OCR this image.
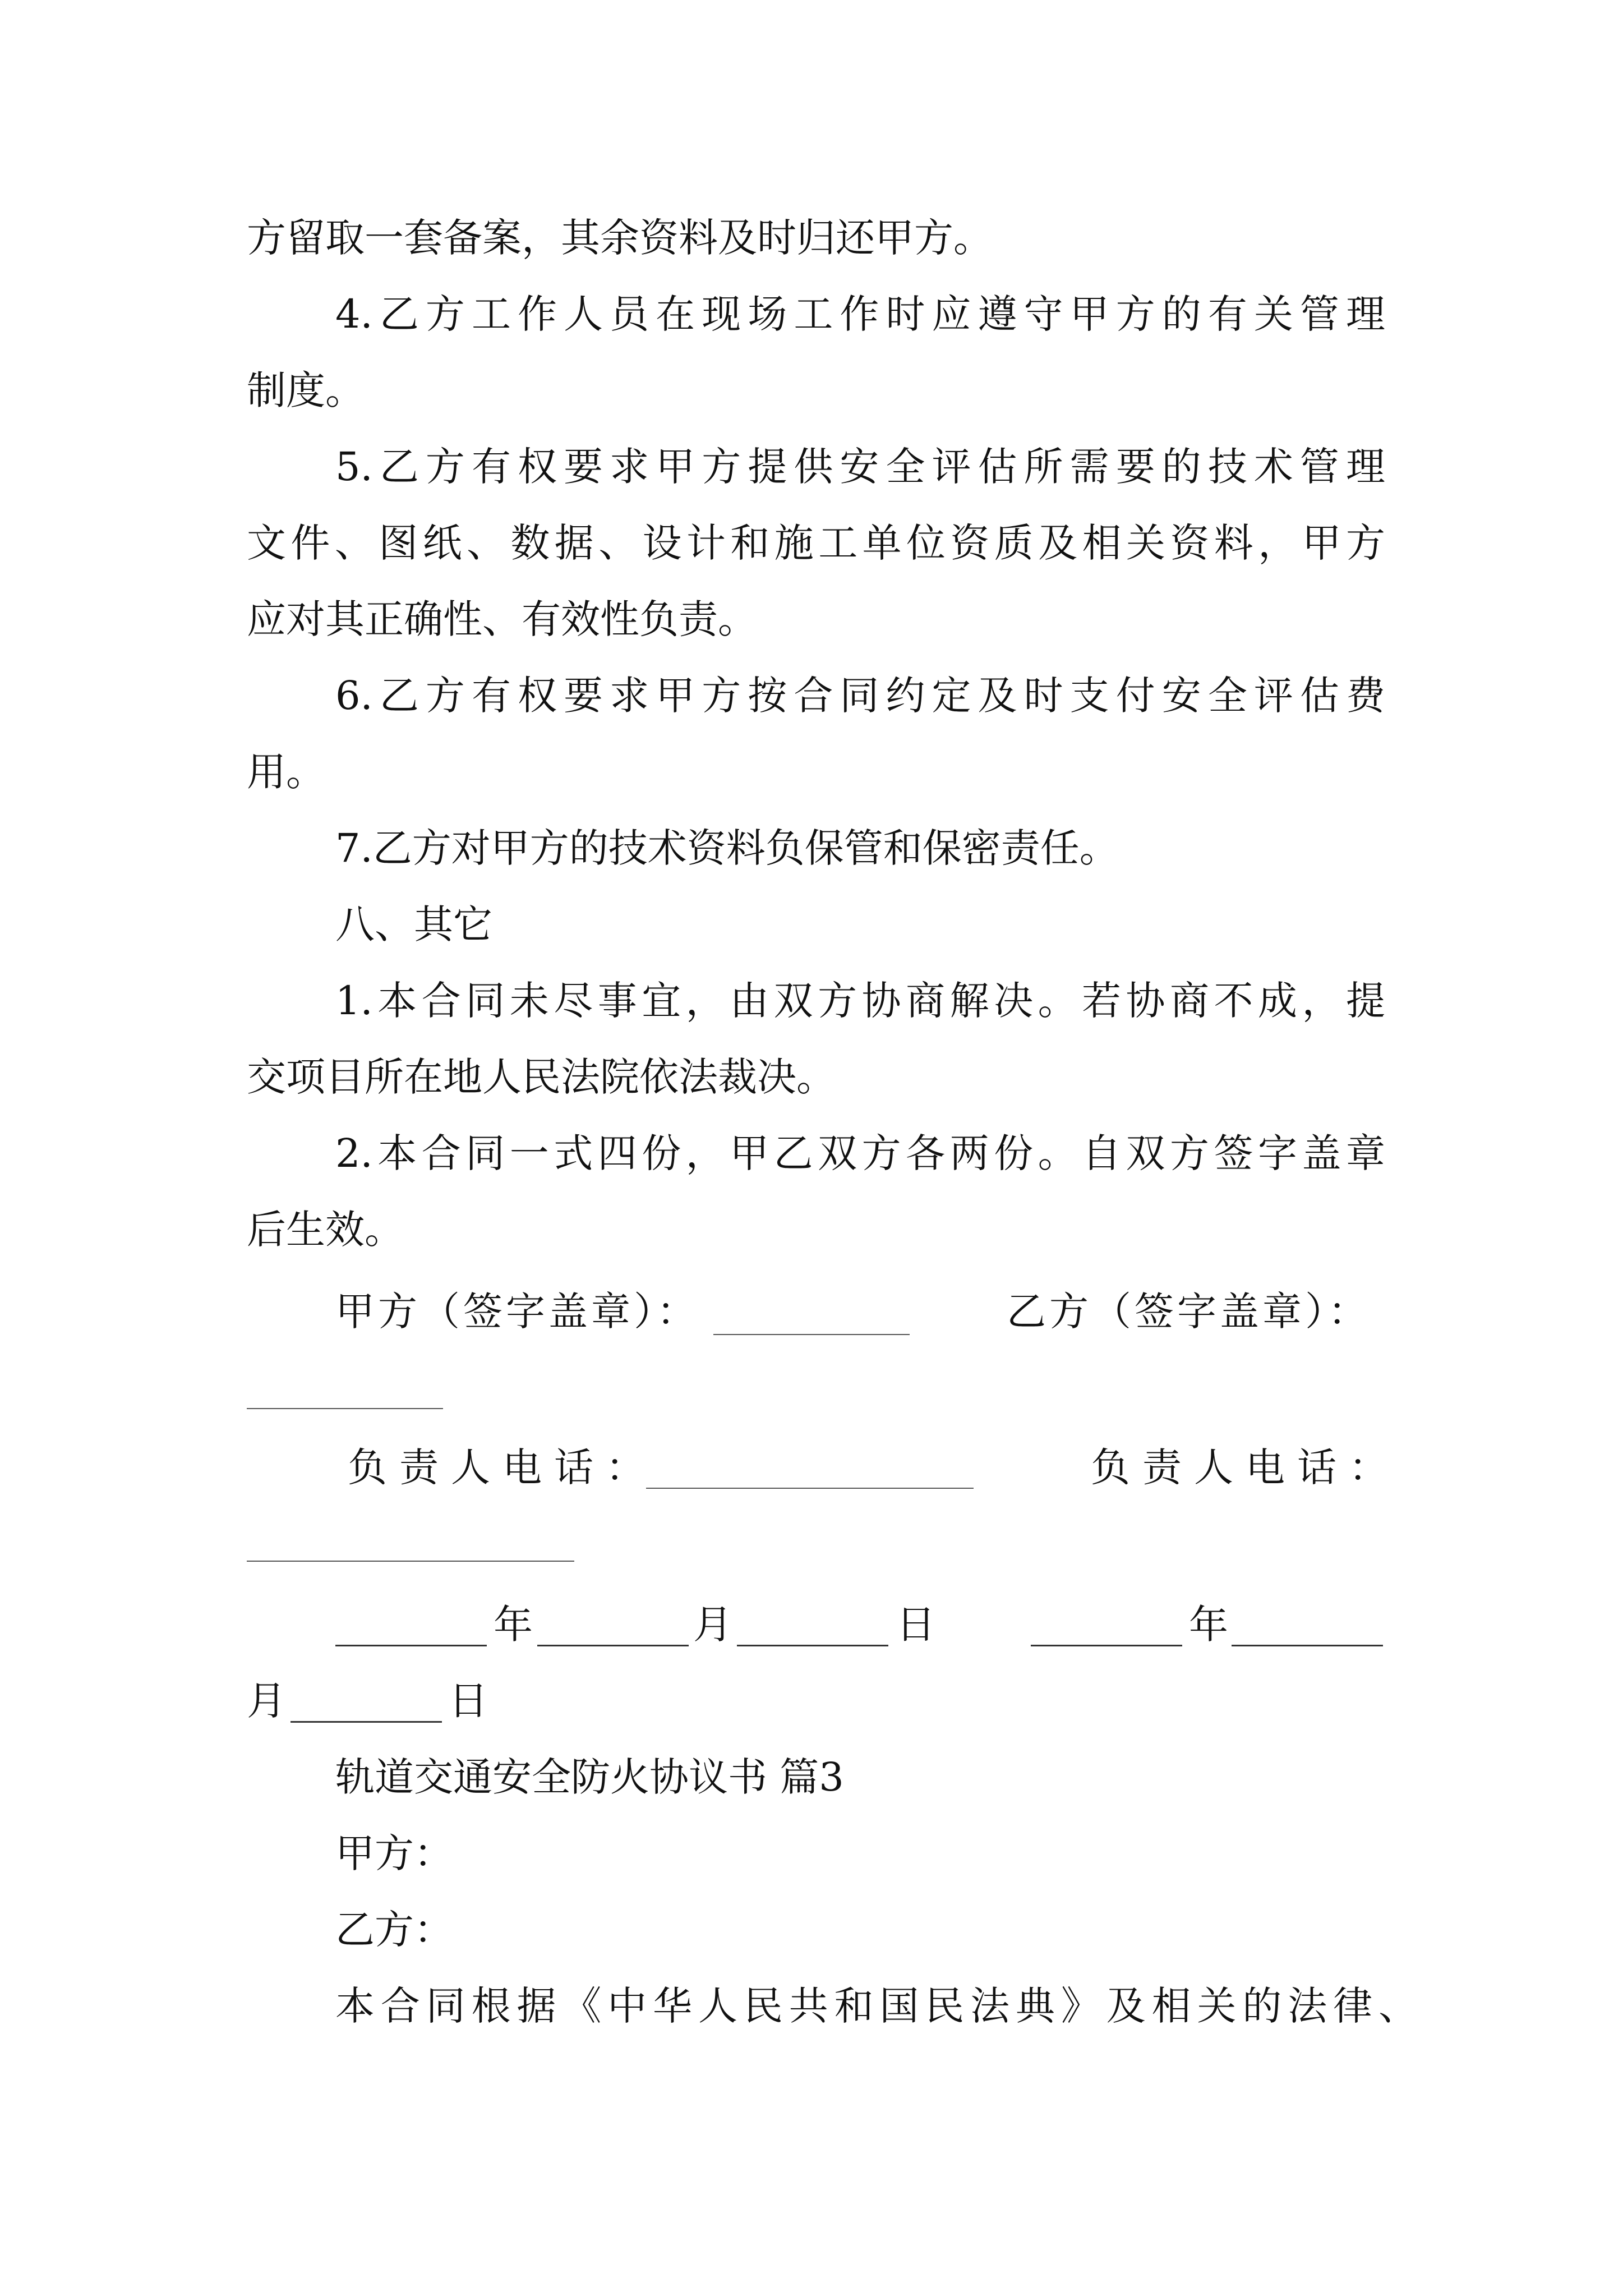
方留取一套备案，其余资料及时归还甲方。

4.乙方工作人员在现场工作时应遵守甲方的有关管理

制度。

5.乙方有权要求甲方提供安全评估所需要的技术管理

文件、图纸、数据、设计和施工单位资质及相关资料，甲方

应对其正确性、有效性负责。

6.乙方有权要求甲方按合同约定及时支付安全评估费

用。

7.乙方对甲方的技术资料负保管和保密责任。

八、其它

1.本合同未尽事宜，由双方协商解决。若协商不成，提

交项目所在地人民法院依法裁决。

2.本合同一式四份，甲乙双方各两份。自双方签字盖章

后生效。

甲方（签字盖章）：	乙方（签字盖章）：
负责人电话：	负责人电话：
年	月	日	年
月	日

轨道交通安全防火协议书 篇3

甲方：

乙方：

本合同根据《中华人民共和国民法典》及相关的法律、
